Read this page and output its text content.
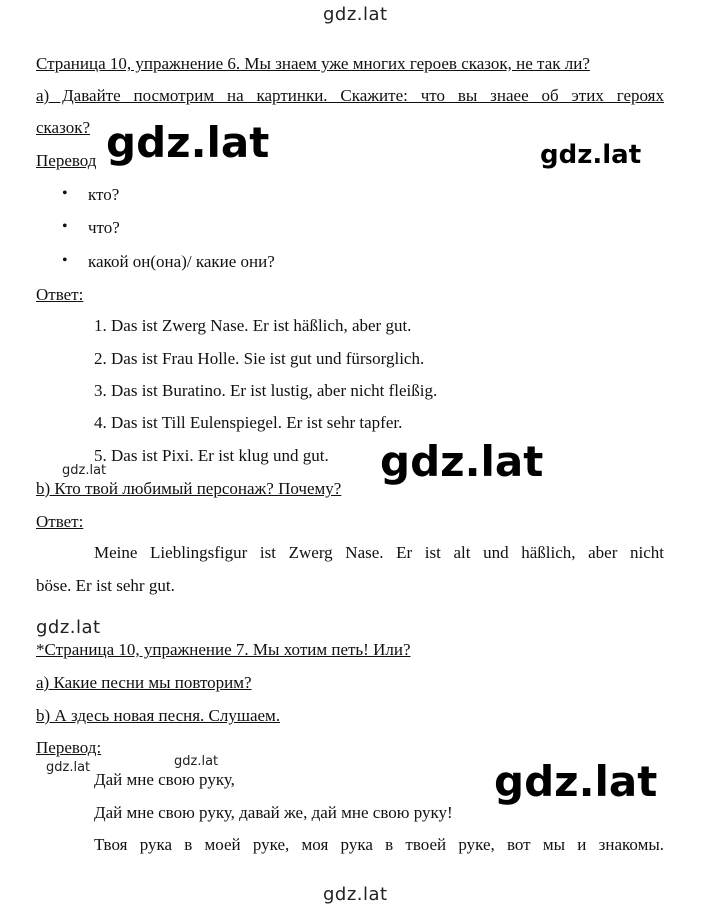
gdz.lat
gdz.lat	gdz.lat
gdz.lat	gdz.lat
gdz.lat
gdz.lat	gdz.lat	gdz.lat
gdz.lat
Страница 10, упражнение 6. Мы знаем уже многих героев сказок, не так ли?
а) Давайте посмотрим на картинки. Скажите: что вы знаее об этих героях
сказок?
Перевод
• кто?
• что?
• какой он(она)/ какие они?
Ответ:
1. Das ist Zwerg Nase. Er ist häßlich, aber gut.
2. Das ist Frau Holle. Sie ist gut und fürsorglich.
3. Das ist Buratino. Er ist lustig, aber nicht fleißig.
4. Das ist Till Eulenspiegel. Er ist sehr tapfer.
5. Das ist Pixi. Er ist klug und gut.
b) Кто твой любимый персонаж? Почему?
Ответ:
Meine Lieblingsfigur ist Zwerg Nase. Er ist alt und häßlich, aber nicht
böse. Er ist sehr gut.
*Страница 10, упражнение 7. Мы хотим петь! Или?
а) Какие песни мы повторим?
b) А здесь новая песня. Слушаем.
Перевод:
Дай мне свою руку,
Дай мне свою руку, давай же, дай мне свою руку!
Твоя рука в моей руке, моя рука в твоей руке, вот мы и знакомы.
